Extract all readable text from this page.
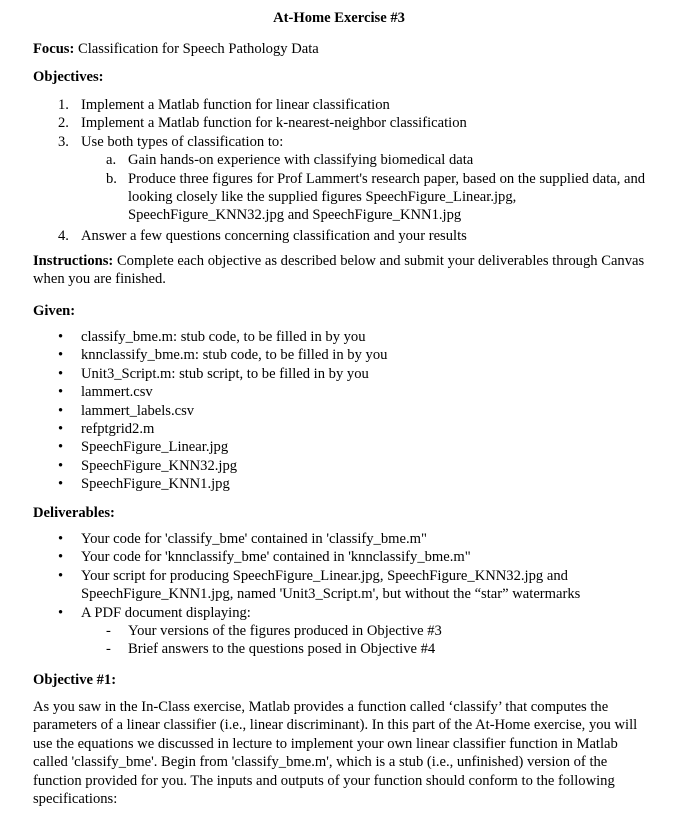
At-Home Exercise #3
Focus: Classification for Speech Pathology Data
Objectives:
1. Implement a Matlab function for linear classification
2. Implement a Matlab function for k-nearest-neighbor classification
3. Use both types of classification to:
a. Gain hands-on experience with classifying biomedical data
b. Produce three figures for Prof Lammert's research paper, based on the supplied data, and looking closely like the supplied figures SpeechFigure_Linear.jpg, SpeechFigure_KNN32.jpg and SpeechFigure_KNN1.jpg
4. Answer a few questions concerning classification and your results
Instructions: Complete each objective as described below and submit your deliverables through Canvas when you are finished.
Given:
• classify_bme.m: stub code, to be filled in by you
• knnclassify_bme.m: stub code, to be filled in by you
• Unit3_Script.m: stub script, to be filled in by you
• lammert.csv
• lammert_labels.csv
• refptgrid2.m
• SpeechFigure_Linear.jpg
• SpeechFigure_KNN32.jpg
• SpeechFigure_KNN1.jpg
Deliverables:
• Your code for 'classify_bme' contained in 'classify_bme.m"
• Your code for 'knnclassify_bme' contained in 'knnclassify_bme.m"
• Your script for producing SpeechFigure_Linear.jpg, SpeechFigure_KNN32.jpg and SpeechFigure_KNN1.jpg, named 'Unit3_Script.m', but without the “star” watermarks
• A PDF document displaying:
- Your versions of the figures produced in Objective #3
- Brief answers to the questions posed in Objective #4
Objective #1:
As you saw in the In-Class exercise, Matlab provides a function called ‘classify’ that computes the parameters of a linear classifier (i.e., linear discriminant). In this part of the At-Home exercise, you will use the equations we discussed in lecture to implement your own linear classifier function in Matlab called 'classify_bme'. Begin from 'classify_bme.m', which is a stub (i.e., unfinished) version of the function provided for you. The inputs and outputs of your function should conform to the following specifications:
